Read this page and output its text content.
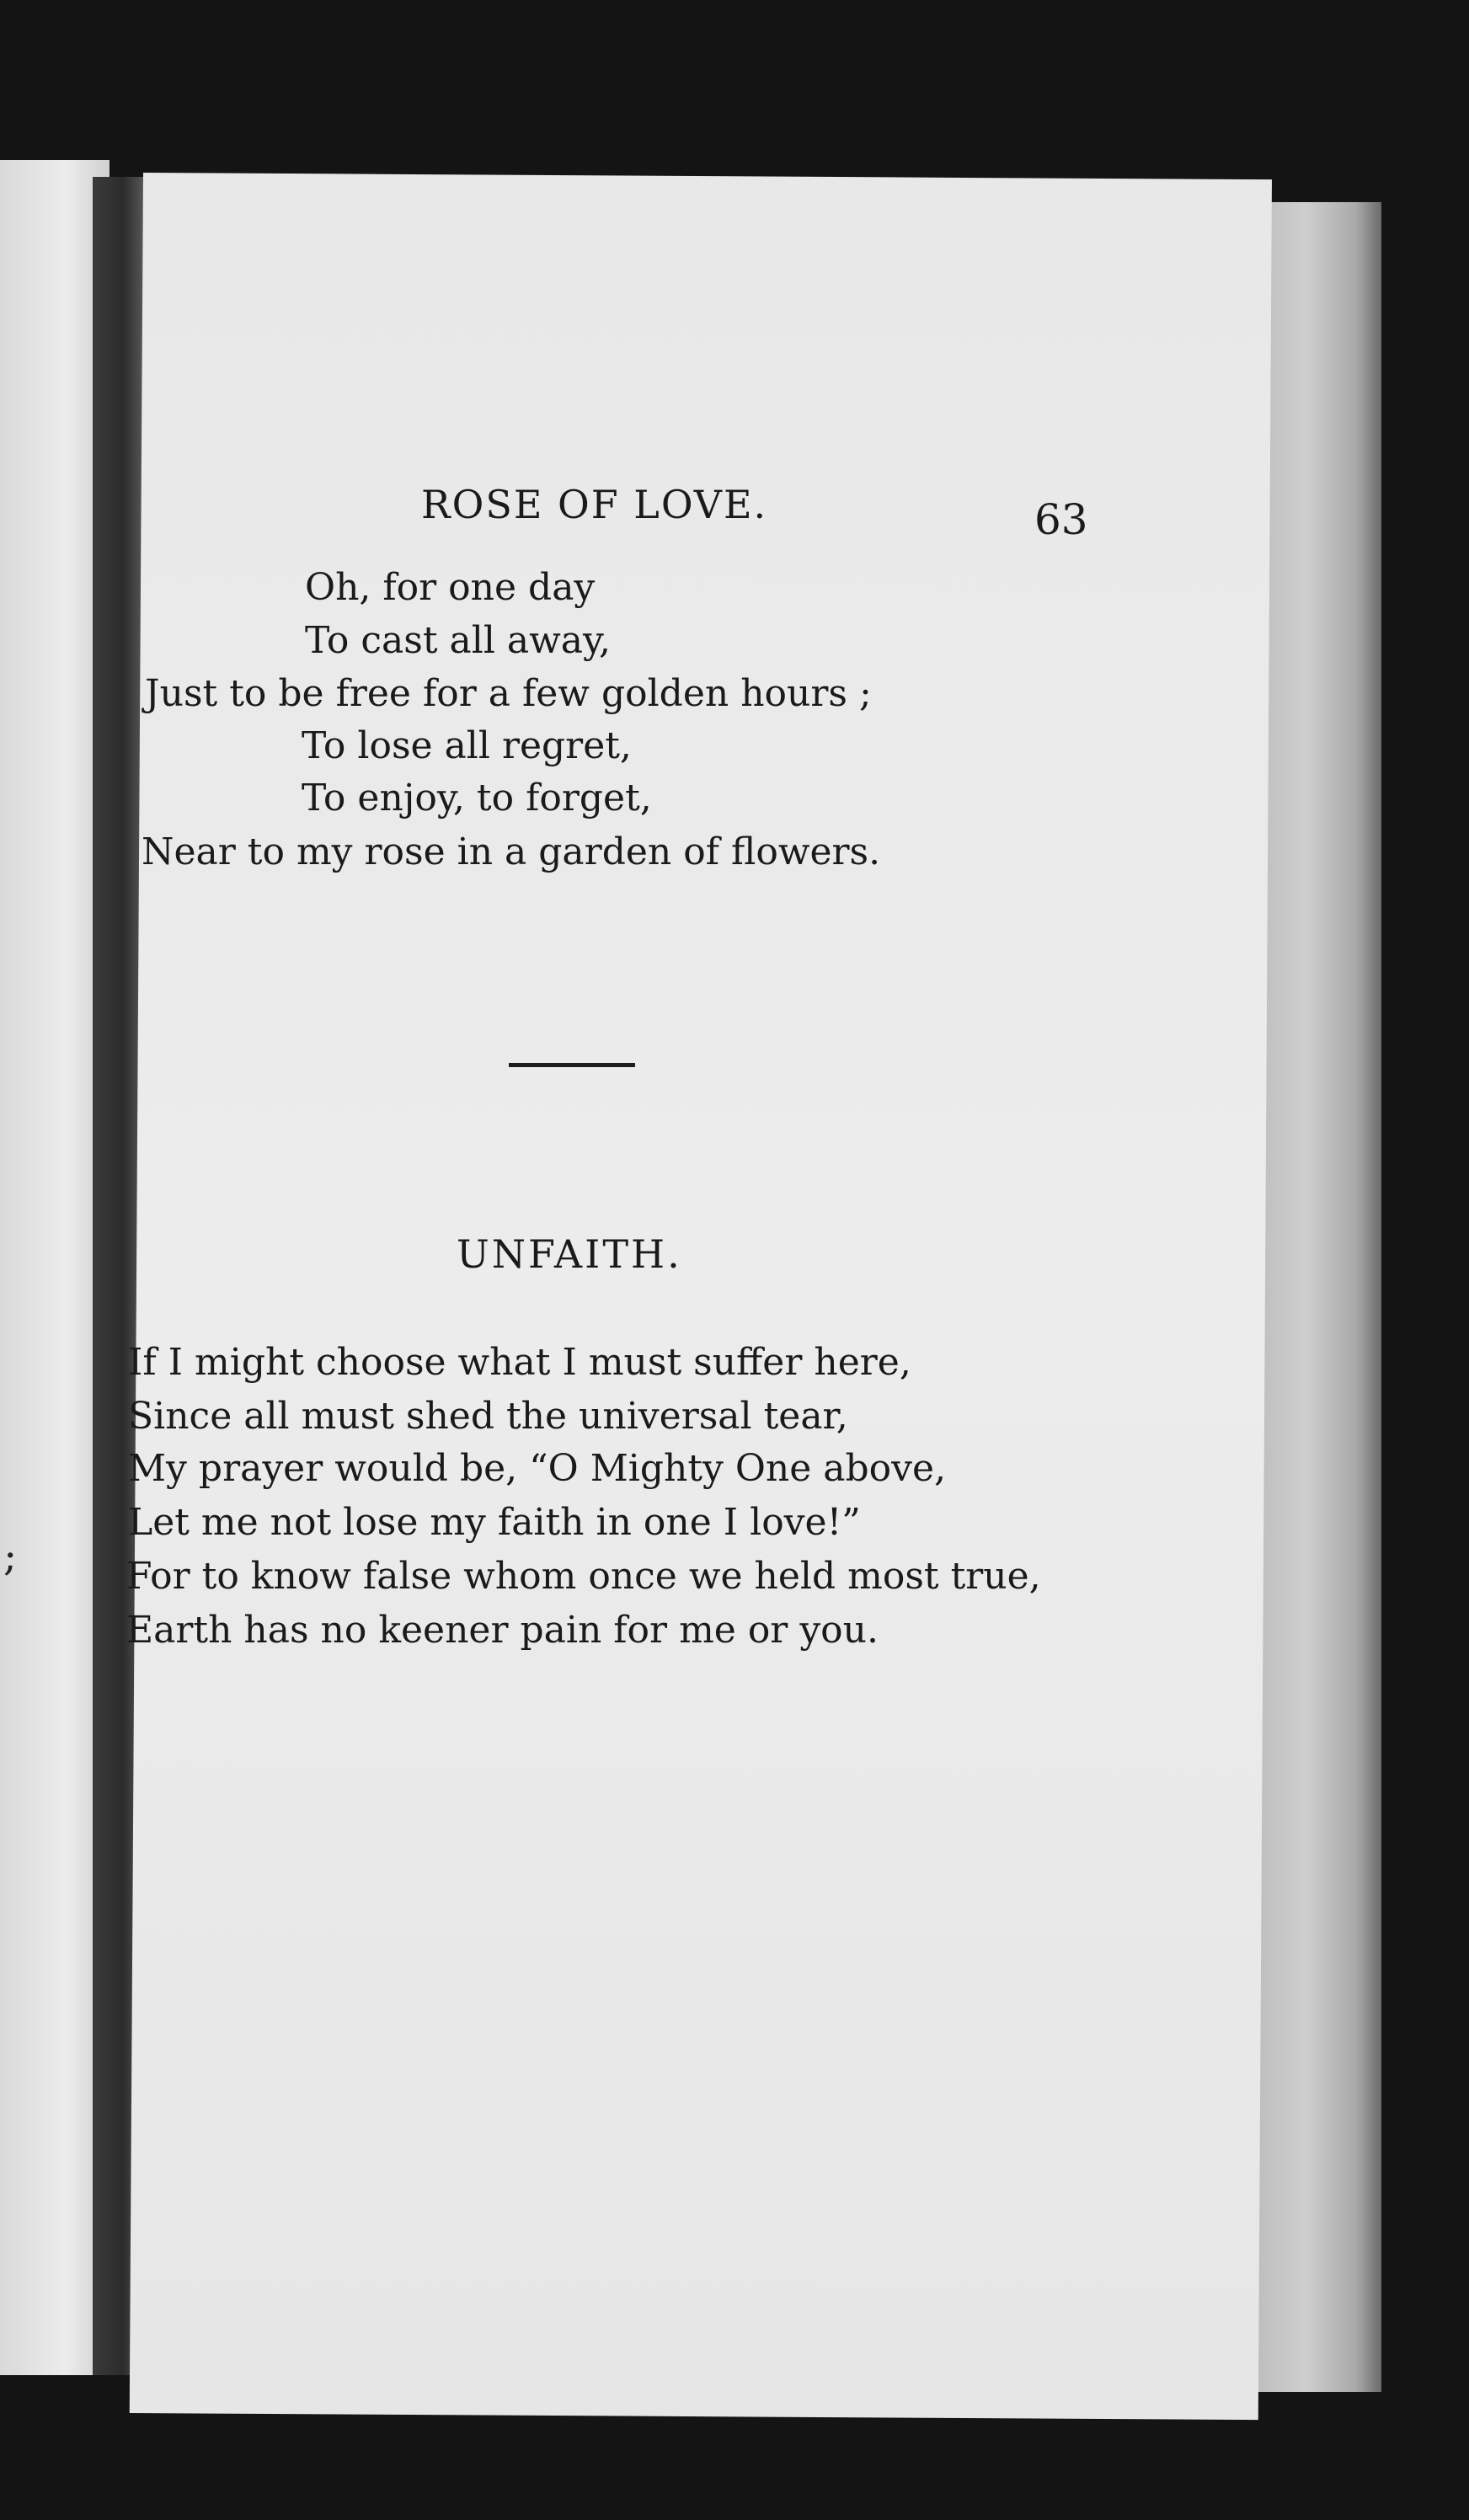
;
ROSE OF LOVE.	63
Oh, for one day
To cast all away,
Just to be free for a few golden hours ;
To lose all regret,
To enjoy, to forget,
Near to my rose in a garden of flowers.
UNFAITH.
If I might choose what I must suffer here,
Since all must shed the universal tear,
My prayer would be, “O Mighty One above,
Let me not lose my faith in one I love!”
For to know false whom once we held most true,
Earth has no keener pain for me or you.
